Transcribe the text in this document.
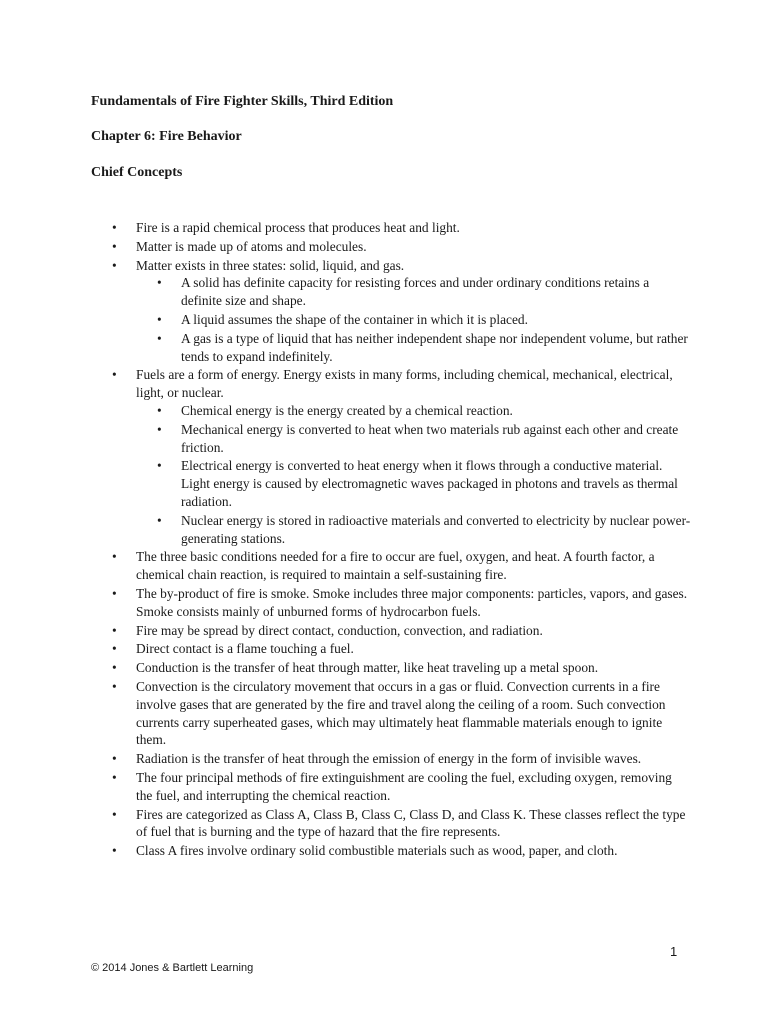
Fundamentals of Fire Fighter Skills, Third Edition

Chapter 6: Fire Behavior

Chief Concepts

• Fire is a rapid chemical process that produces heat and light.
• Matter is made up of atoms and molecules.
• Matter exists in three states: solid, liquid, and gas.
• A solid has definite capacity for resisting forces and under ordinary conditions retains a definite size and shape.
• A liquid assumes the shape of the container in which it is placed.
• A gas is a type of liquid that has neither independent shape nor independent volume, but rather tends to expand indefinitely.
• Fuels are a form of energy. Energy exists in many forms, including chemical, mechanical, electrical, light, or nuclear.
• Chemical energy is the energy created by a chemical reaction.
• Mechanical energy is converted to heat when two materials rub against each other and create friction.
• Electrical energy is converted to heat energy when it flows through a conductive material. Light energy is caused by electromagnetic waves packaged in photons and travels as thermal radiation.
• Nuclear energy is stored in radioactive materials and converted to electricity by nuclear power-generating stations.
• The three basic conditions needed for a fire to occur are fuel, oxygen, and heat. A fourth factor, a chemical chain reaction, is required to maintain a self-sustaining fire.
• The by-product of fire is smoke. Smoke includes three major components: particles, vapors, and gases. Smoke consists mainly of unburned forms of hydrocarbon fuels.
• Fire may be spread by direct contact, conduction, convection, and radiation.
• Direct contact is a flame touching a fuel.
• Conduction is the transfer of heat through matter, like heat traveling up a metal spoon.
• Convection is the circulatory movement that occurs in a gas or fluid. Convection currents in a fire involve gases that are generated by the fire and travel along the ceiling of a room. Such convection currents carry superheated gases, which may ultimately heat flammable materials enough to ignite them.
• Radiation is the transfer of heat through the emission of energy in the form of invisible waves.
• The four principal methods of fire extinguishment are cooling the fuel, excluding oxygen, removing the fuel, and interrupting the chemical reaction.
• Fires are categorized as Class A, Class B, Class C, Class D, and Class K. These classes reflect the type of fuel that is burning and the type of hazard that the fire represents.
• Class A fires involve ordinary solid combustible materials such as wood, paper, and cloth.
1
© 2014 Jones & Bartlett Learning
